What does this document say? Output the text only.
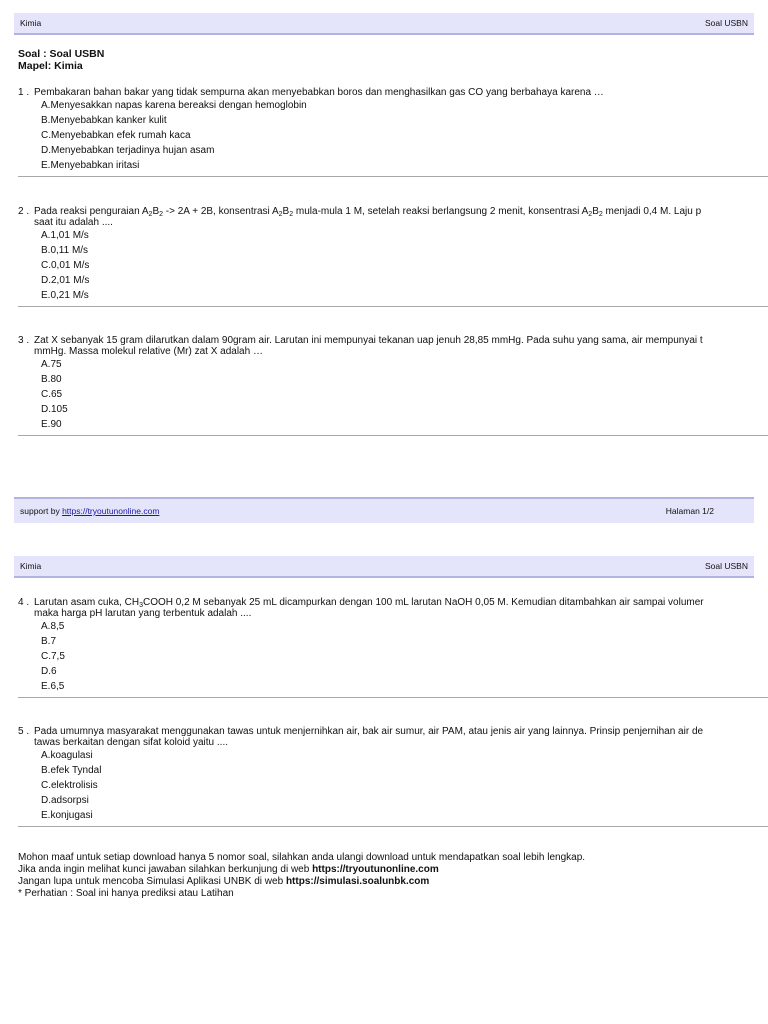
Kimia	Soal USBN
Soal : Soal USBN
Mapel: Kimia
1 . Pembakaran bahan bakar yang tidak sempurna akan menyebabkan boros dan menghasilkan gas CO yang berbahaya karena …
A.Menyesakkan napas karena bereaksi dengan hemoglobin
B.Menyebabkan kanker kulit
C.Menyebabkan efek rumah kaca
D.Menyebabkan terjadinya hujan asam
E.Menyebabkan iritasi
2 . Pada reaksi penguraian $A_2B_2 -> 2A + 2B$, konsentrasi $A_2B_2$ mula-mula 1 M, setelah reaksi berlangsung 2 menit, konsentrasi $A_2B_2$ menjadi 0,4 M. Laju p
saat itu adalah ....
A.1,01 M/s
B.0,11 M/s
C.0,01 M/s
D.2,01 M/s
E.0,21 M/s
3 . Zat X sebanyak 15 gram dilarutkan dalam 90gram air. Larutan ini mempunyai tekanan uap jenuh 28,85 mmHg. Pada suhu yang sama, air mempunyai t
mmHg. Massa molekul relative (Mr) zat X adalah …
A.75
B.80
C.65
D.105
E.90
support by https://tryoutunonline.com	Halaman 1/2
Kimia	Soal USBN
4 . Larutan asam cuka, $CH_3COOH$ 0,2 M sebanyak 25 mL dicampurkan dengan 100 mL larutan NaOH 0,05 M. Kemudian ditambahkan air sampai volumer
maka harga pH larutan yang terbentuk adalah ....
A.8,5
B.7
C.7,5
D.6
E.6,5
5 . Pada umumnya masyarakat menggunakan tawas untuk menjernihkan air, bak air sumur, air PAM, atau jenis air yang lainnya. Prinsip penjernihan air de
tawas berkaitan dengan sifat koloid yaitu ....
A.koagulasi
B.efek Tyndal
C.elektrolisis
D.adsorpsi
E.konjugasi
Mohon maaf untuk setiap download hanya 5 nomor soal, silahkan anda ulangi download untuk mendapatkan soal lebih lengkap.
Jika anda ingin melihat kunci jawaban silahkan berkunjung di web https://tryoutunonline.com
Jangan lupa untuk mencoba Simulasi Aplikasi UNBK di web https://simulasi.soalunbk.com
* Perhatian : Soal ini hanya prediksi atau Latihan
